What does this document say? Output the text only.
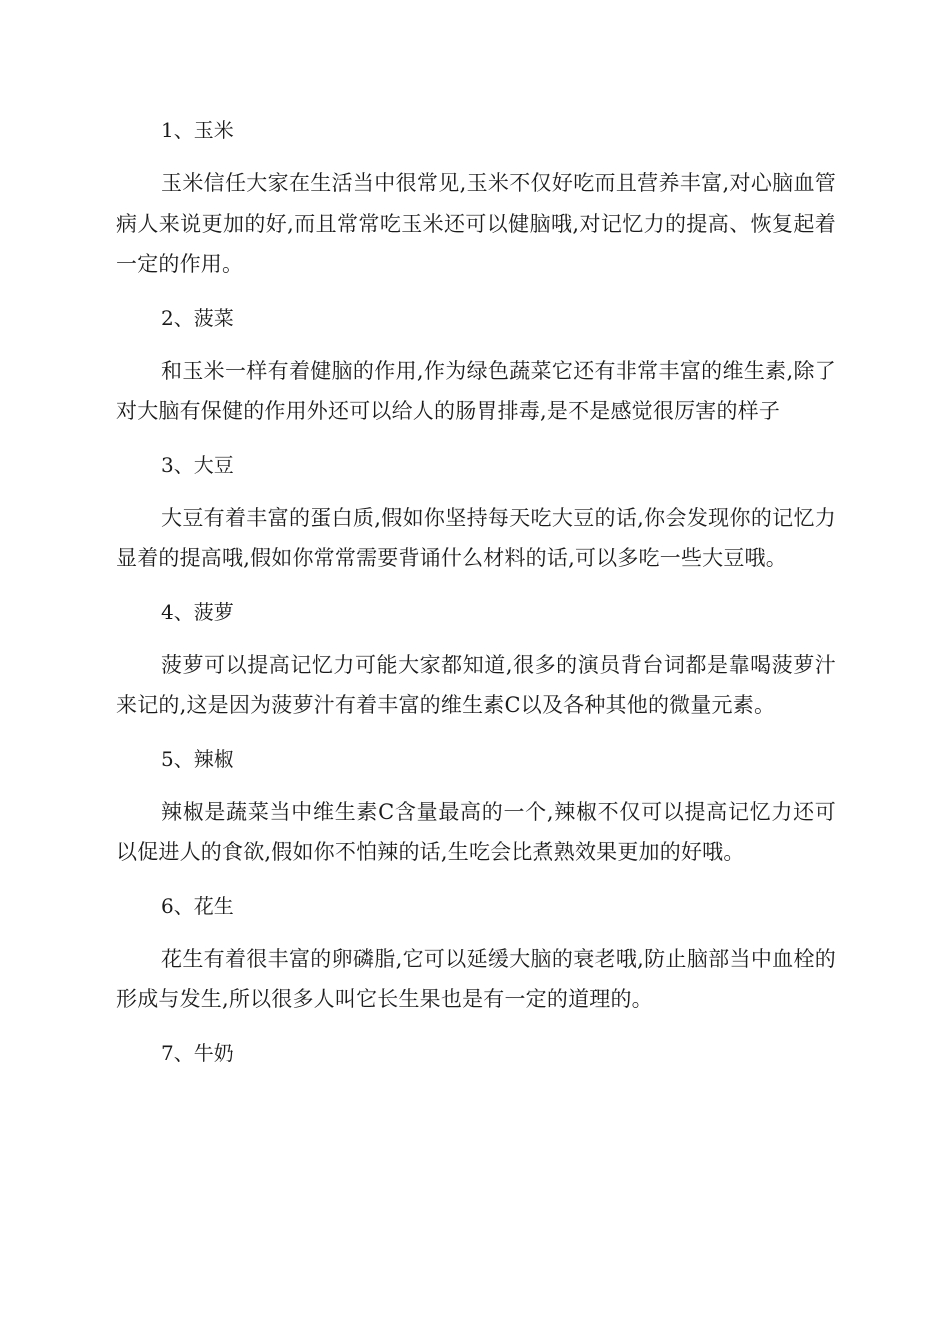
1、玉米
玉米信任大家在生活当中很常见,玉米不仅好吃而且营养丰富,对心脑血管病人来说更加的好,而且常常吃玉米还可以健脑哦,对记忆力的提高、恢复起着一定的作用。
2、菠菜
和玉米一样有着健脑的作用,作为绿色蔬菜它还有非常丰富的维生素,除了对大脑有保健的作用外还可以给人的肠胃排毒,是不是感觉很厉害的样子
3、大豆
大豆有着丰富的蛋白质,假如你坚持每天吃大豆的话,你会发现你的记忆力显着的提高哦,假如你常常需要背诵什么材料的话,可以多吃一些大豆哦。
4、菠萝
菠萝可以提高记忆力可能大家都知道,很多的演员背台词都是靠喝菠萝汁来记的,这是因为菠萝汁有着丰富的维生素C以及各种其他的微量元素。
5、辣椒
辣椒是蔬菜当中维生素C含量最高的一个,辣椒不仅可以提高记忆力还可以促进人的食欲,假如你不怕辣的话,生吃会比煮熟效果更加的好哦。
6、花生
花生有着很丰富的卵磷脂,它可以延缓大脑的衰老哦,防止脑部当中血栓的形成与发生,所以很多人叫它长生果也是有一定的道理的。
7、牛奶
